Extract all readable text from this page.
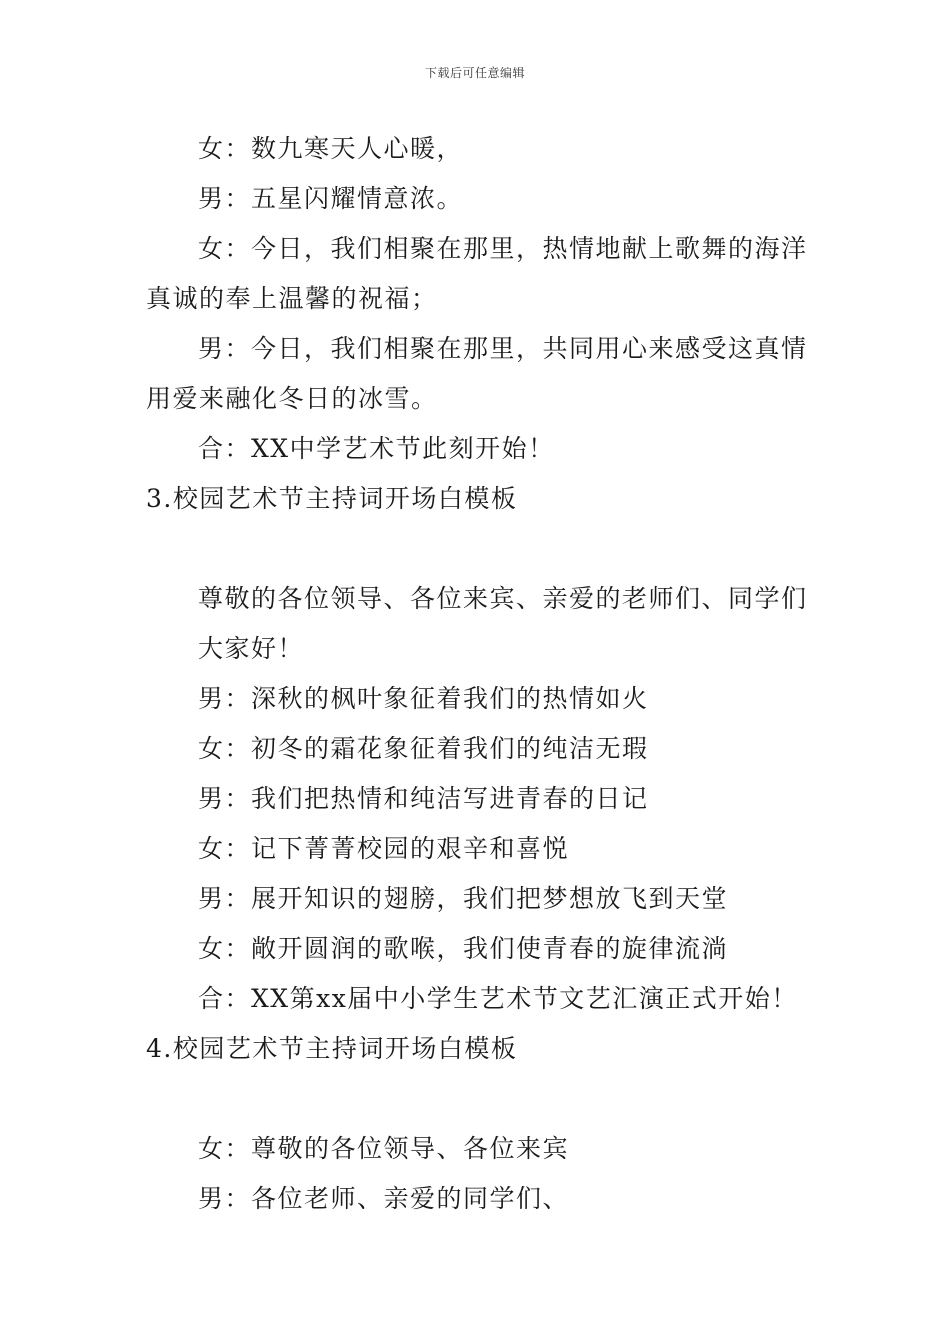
下载后可任意编辑
女：数九寒天人心暖，
男：五星闪耀情意浓。
女：今日，我们相聚在那里，热情地献上歌舞的海洋
真诚的奉上温馨的祝福；
男：今日，我们相聚在那里，共同用心来感受这真情
用爱来融化冬日的冰雪。
合：XX中学艺术节此刻开始！
3.校园艺术节主持词开场白模板
尊敬的各位领导、各位来宾、亲爱的老师们、同学们
大家好！
男：深秋的枫叶象征着我们的热情如火
女：初冬的霜花象征着我们的纯洁无瑕
男：我们把热情和纯洁写进青春的日记
女：记下菁菁校园的艰辛和喜悦
男：展开知识的翅膀，我们把梦想放飞到天堂
女：敞开圆润的歌喉，我们使青春的旋律流淌
合：XX第xx届中小学生艺术节文艺汇演正式开始！
4.校园艺术节主持词开场白模板
女：尊敬的各位领导、各位来宾
男：各位老师、亲爱的同学们、
